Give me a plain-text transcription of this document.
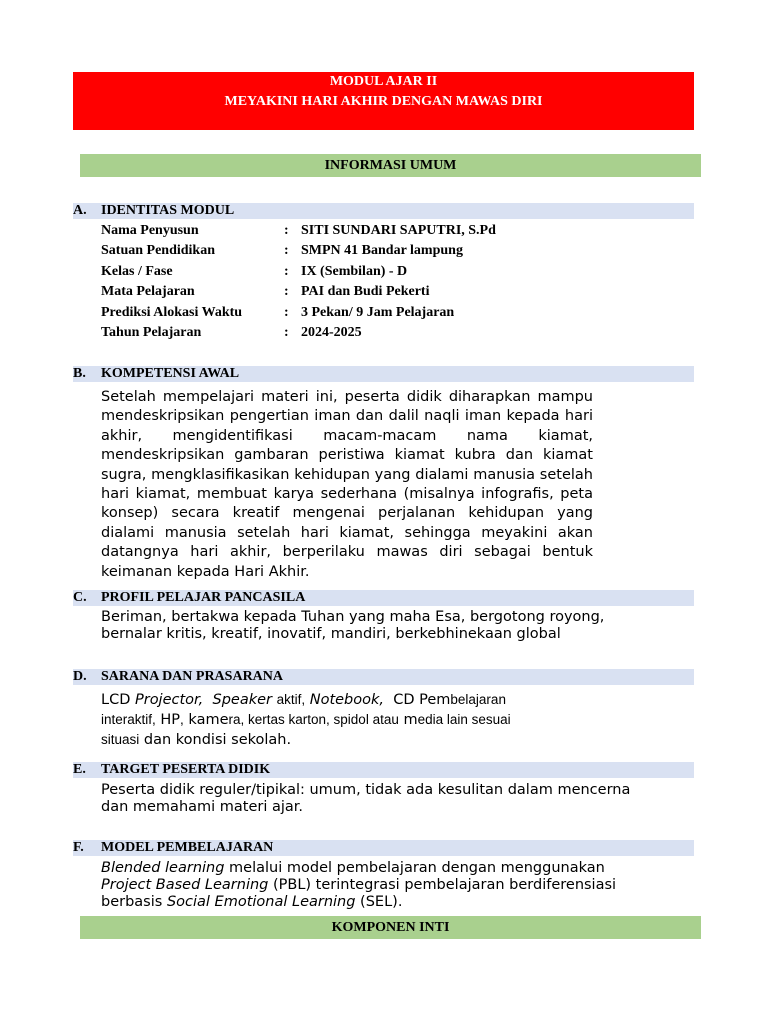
MODUL AJAR II
MEYAKINI HARI AKHIR DENGAN MAWAS DIRI
INFORMASI UMUM
A. IDENTITAS MODUL
Nama Penyusun	: SITI SUNDARI SAPUTRI, S.Pd
Satuan Pendidikan	: SMPN 41 Bandar lampung
Kelas / Fase	: IX (Sembilan) - D
Mata Pelajaran	: PAI dan Budi Pekerti
Prediksi Alokasi Waktu	: 3 Pekan/ 9 Jam Pelajaran
Tahun Pelajaran	: 2024-2025
B. KOMPETENSI AWAL
Setelah mempelajari materi ini, peserta didik diharapkan mampu mendeskripsikan pengertian iman dan dalil naqli iman kepada hari akhir, mengidentifikasi macam-macam nama kiamat, mendeskripsikan gambaran peristiwa kiamat kubra dan kiamat sugra, mengklasifikasikan kehidupan yang dialami manusia setelah hari kiamat, membuat karya sederhana (misalnya infografis, peta konsep) secara kreatif mengenai perjalanan kehidupan yang dialami manusia setelah hari kiamat, sehingga meyakini akan datangnya hari akhir, berperilaku mawas diri sebagai bentuk keimanan kepada Hari Akhir.
C. PROFIL PELAJAR PANCASILA
Beriman, bertakwa kepada Tuhan yang maha Esa, bergotong royong,
bernalar kritis, kreatif, inovatif, mandiri, berkebhinekaan global
D. SARANA DAN PRASARANA
LCD Projector, Speaker aktif, Notebook, CD Pembelajaran
interaktif, HP, kamera, kertas karton, spidol atau media lain sesuai
situasi dan kondisi sekolah.
E. TARGET PESERTA DIDIK
Peserta didik reguler/tipikal: umum, tidak ada kesulitan dalam mencerna
dan memahami materi ajar.
F. MODEL PEMBELAJARAN
Blended learning melalui model pembelajaran dengan menggunakan
Project Based Learning (PBL) terintegrasi pembelajaran berdiferensiasi
berbasis Social Emotional Learning (SEL).
KOMPONEN INTI
